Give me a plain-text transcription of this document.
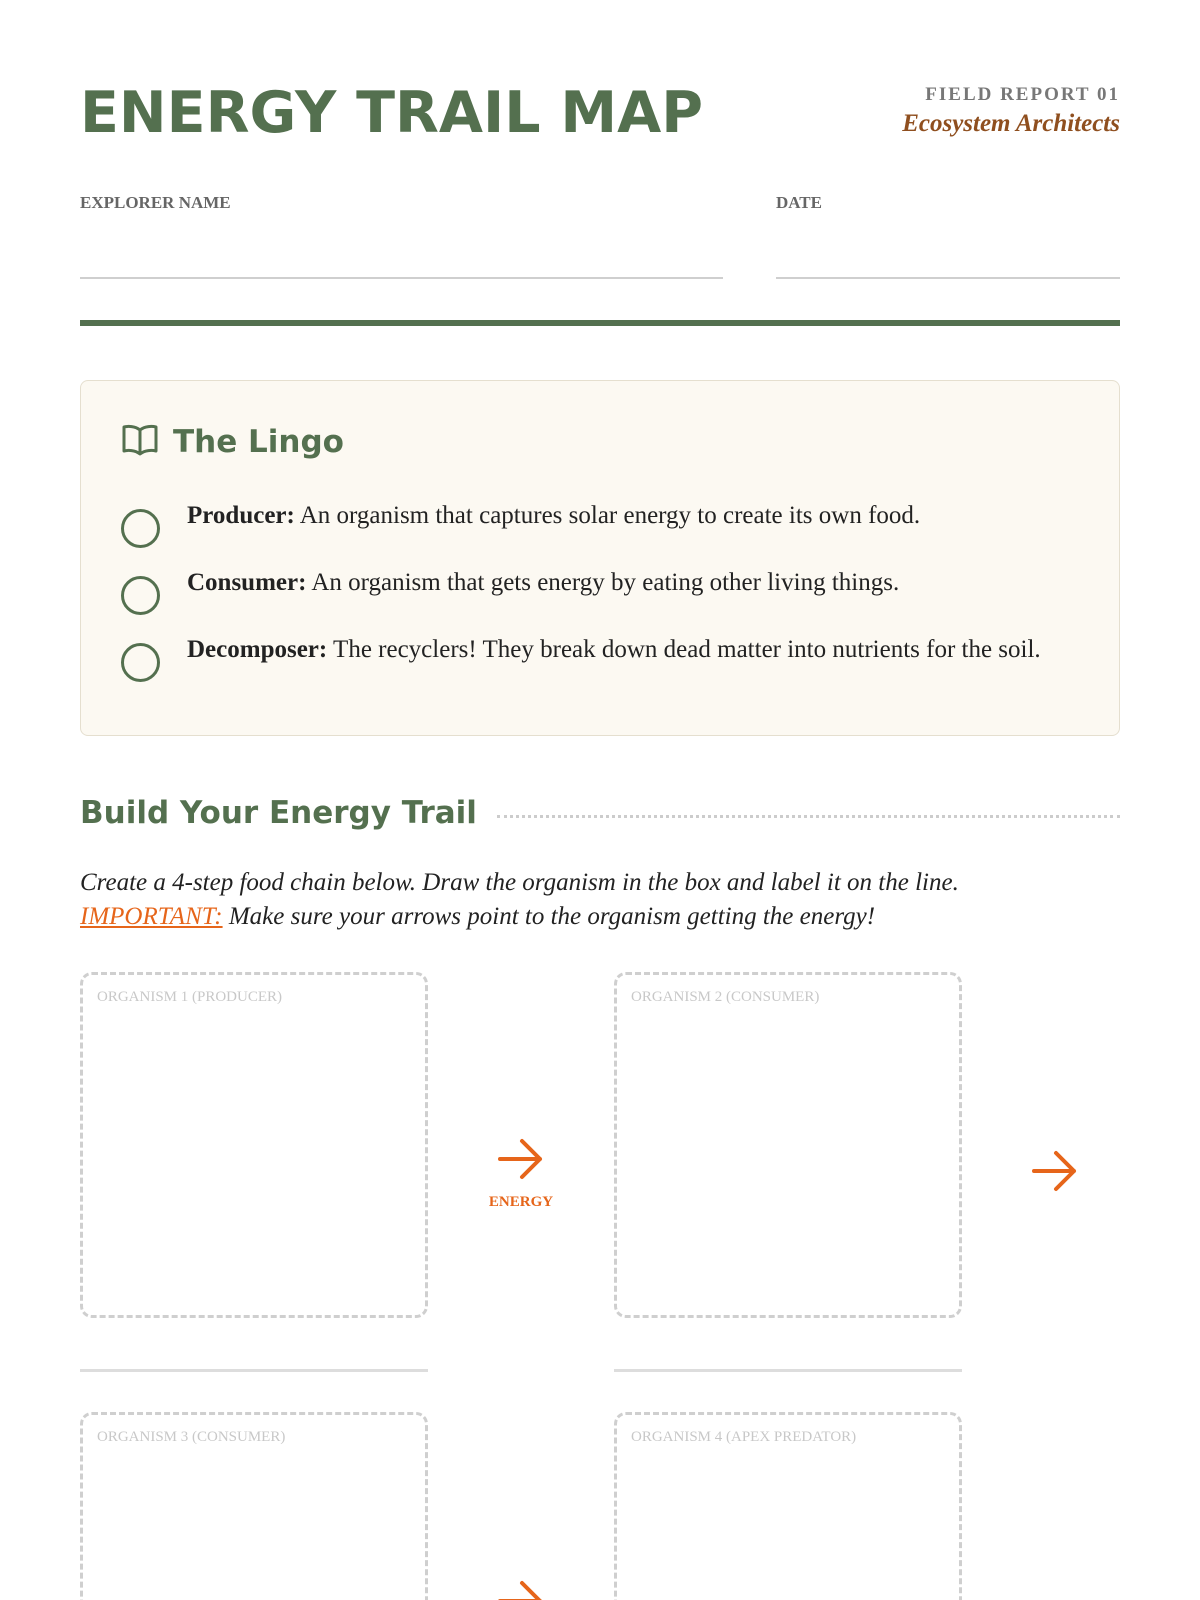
ENERGY TRAIL MAP	FIELD REPORT 01
Ecosystem Architects
EXPLORER NAME	DATE
The Lingo
Producer: An organism that captures solar energy to create its own food.
Consumer: An organism that gets energy by eating other living things.
Decomposer: The recyclers! They break down dead matter into nutrients for the soil.
Build Your Energy Trail
Create a 4-step food chain below. Draw the organism in the box and label it on the line.
IMPORTANT: Make sure your arrows point to the organism getting the energy!
ORGANISM 1 (PRODUCER)
ENERGY
ORGANISM 2 (CONSUMER)
ORGANISM 3 (CONSUMER)	ORGANISM 4 (APEX PREDATOR)
